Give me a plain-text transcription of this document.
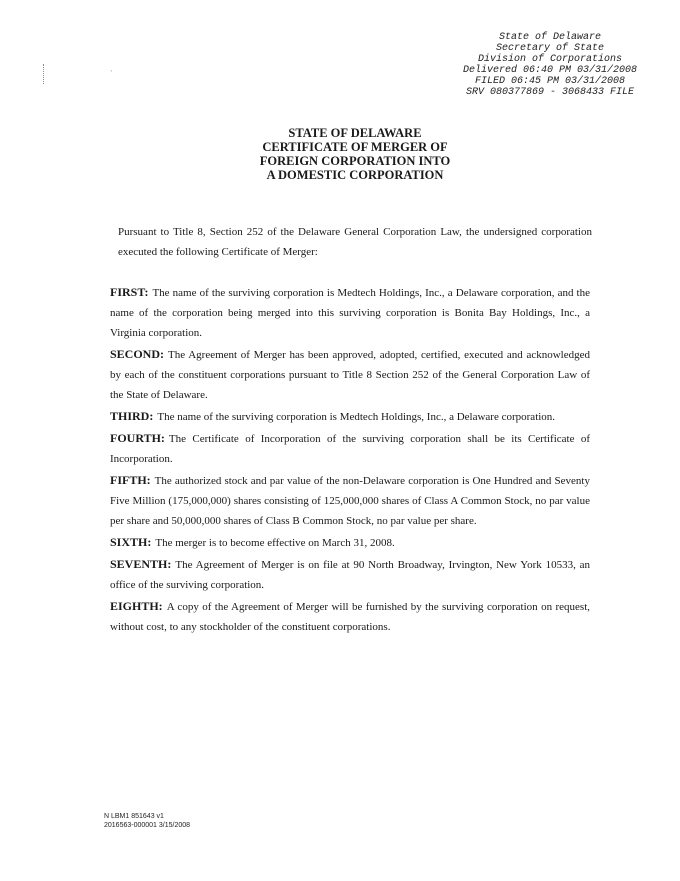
State of Delaware
Secretary of State
Division of Corporations
Delivered 06:40 PM 03/31/2008
FILED 06:45 PM 03/31/2008
SRV 080377869 - 3068433 FILE
ˋ
STATE OF DELAWARE
CERTIFICATE OF MERGER OF
FOREIGN CORPORATION INTO
A DOMESTIC CORPORATION
Pursuant to Title 8, Section 252 of the Delaware General Corporation Law, the undersigned corporation executed the following Certificate of Merger:
FIRST: The name of the surviving corporation is Medtech Holdings, Inc., a Delaware corporation, and the name of the corporation being merged into this surviving corporation is Bonita Bay Holdings, Inc., a Virginia corporation.
SECOND: The Agreement of Merger has been approved, adopted, certified, executed and acknowledged by each of the constituent corporations pursuant to Title 8 Section 252 of the General Corporation Law of the State of Delaware.
THIRD: The name of the surviving corporation is Medtech Holdings, Inc., a Delaware corporation.
FOURTH: The Certificate of Incorporation of the surviving corporation shall be its Certificate of Incorporation.
FIFTH: The authorized stock and par value of the non-Delaware corporation is One Hundred and Seventy Five Million (175,000,000) shares consisting of 125,000,000 shares of Class A Common Stock, no par value per share and 50,000,000 shares of Class B Common Stock, no par value per share.
SIXTH: The merger is to become effective on March 31, 2008.
SEVENTH: The Agreement of Merger is on file at 90 North Broadway, Irvington, New York 10533, an office of the surviving corporation.
EIGHTH: A copy of the Agreement of Merger will be furnished by the surviving corporation on request, without cost, to any stockholder of the constituent corporations.
N LBM1 851643 v1
2016563-000001 3/15/2008
